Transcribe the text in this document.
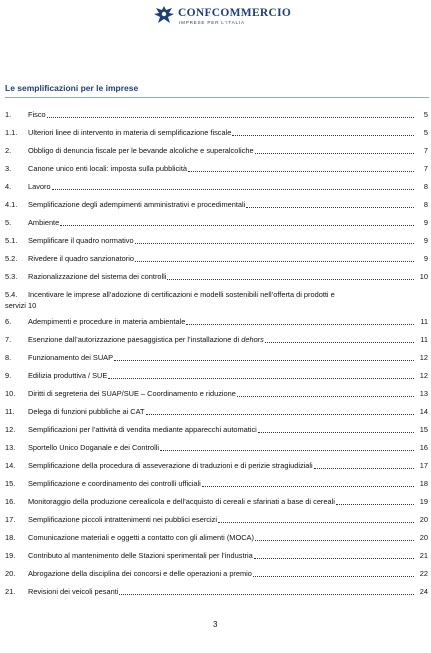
CONFCOMMERCIO
IMPRESE PER L'ITALIA
Le semplificazioni per le imprese
1. Fisco	5
1.1. Ulteriori linee di intervento in materia di semplificazione fiscale	5
2. Obbligo di denuncia fiscale per le bevande alcoliche e superalcoliche	7
3. Canone unico enti locali: imposta sulla pubblicità	7
4. Lavoro	8
4.1. Semplificazione degli adempimenti amministrativi e procedimentali	8
5. Ambiente	9
5.1. Semplificare il quadro normativo	9
5.2. Rivedere il quadro sanzionatorio	9
5.3. Razionalizzazione del sistema dei controlli	10
5.4. Incentivare le imprese all’adozione di certificazioni e modelli sostenibili nell’offerta di prodotti e
servizi 10
6. Adempimenti e procedure in materia ambientale	11
7. Esenzione dall’autorizzazione paesaggistica per l’installazione di dehors	11
8. Funzionamento dei SUAP	12
9. Edilizia produttiva / SUE	12
10. Diritti di segreteria dei SUAP/SUE – Coordinamento e riduzione	13
11. Delega di funzioni pubbliche ai CAT	14
12. Semplificazioni per l’attività di vendita mediante apparecchi automatici	15
13. Sportello Unico Doganale e dei Controlli	16
14. Semplificazione della procedura di asseverazione di traduzioni e di perizie stragiudiziali	17
15. Semplificazione e coordinamento dei controlli ufficiali	18
16. Monitoraggio della produzione cerealicola e dell’acquisto di cereali e sfarinati a base di cereali	19
17. Semplificazione piccoli intrattenimenti nei pubblici esercizi	20
18. Comunicazione materiali e oggetti a contatto con gli alimenti (MOCA)	20
19. Contributo al mantenimento delle Stazioni sperimentali per l’industria	21
20. Abrogazione della disciplina dei concorsi e delle operazioni a premio	22
21. Revisioni dei veicoli pesanti	24
3
